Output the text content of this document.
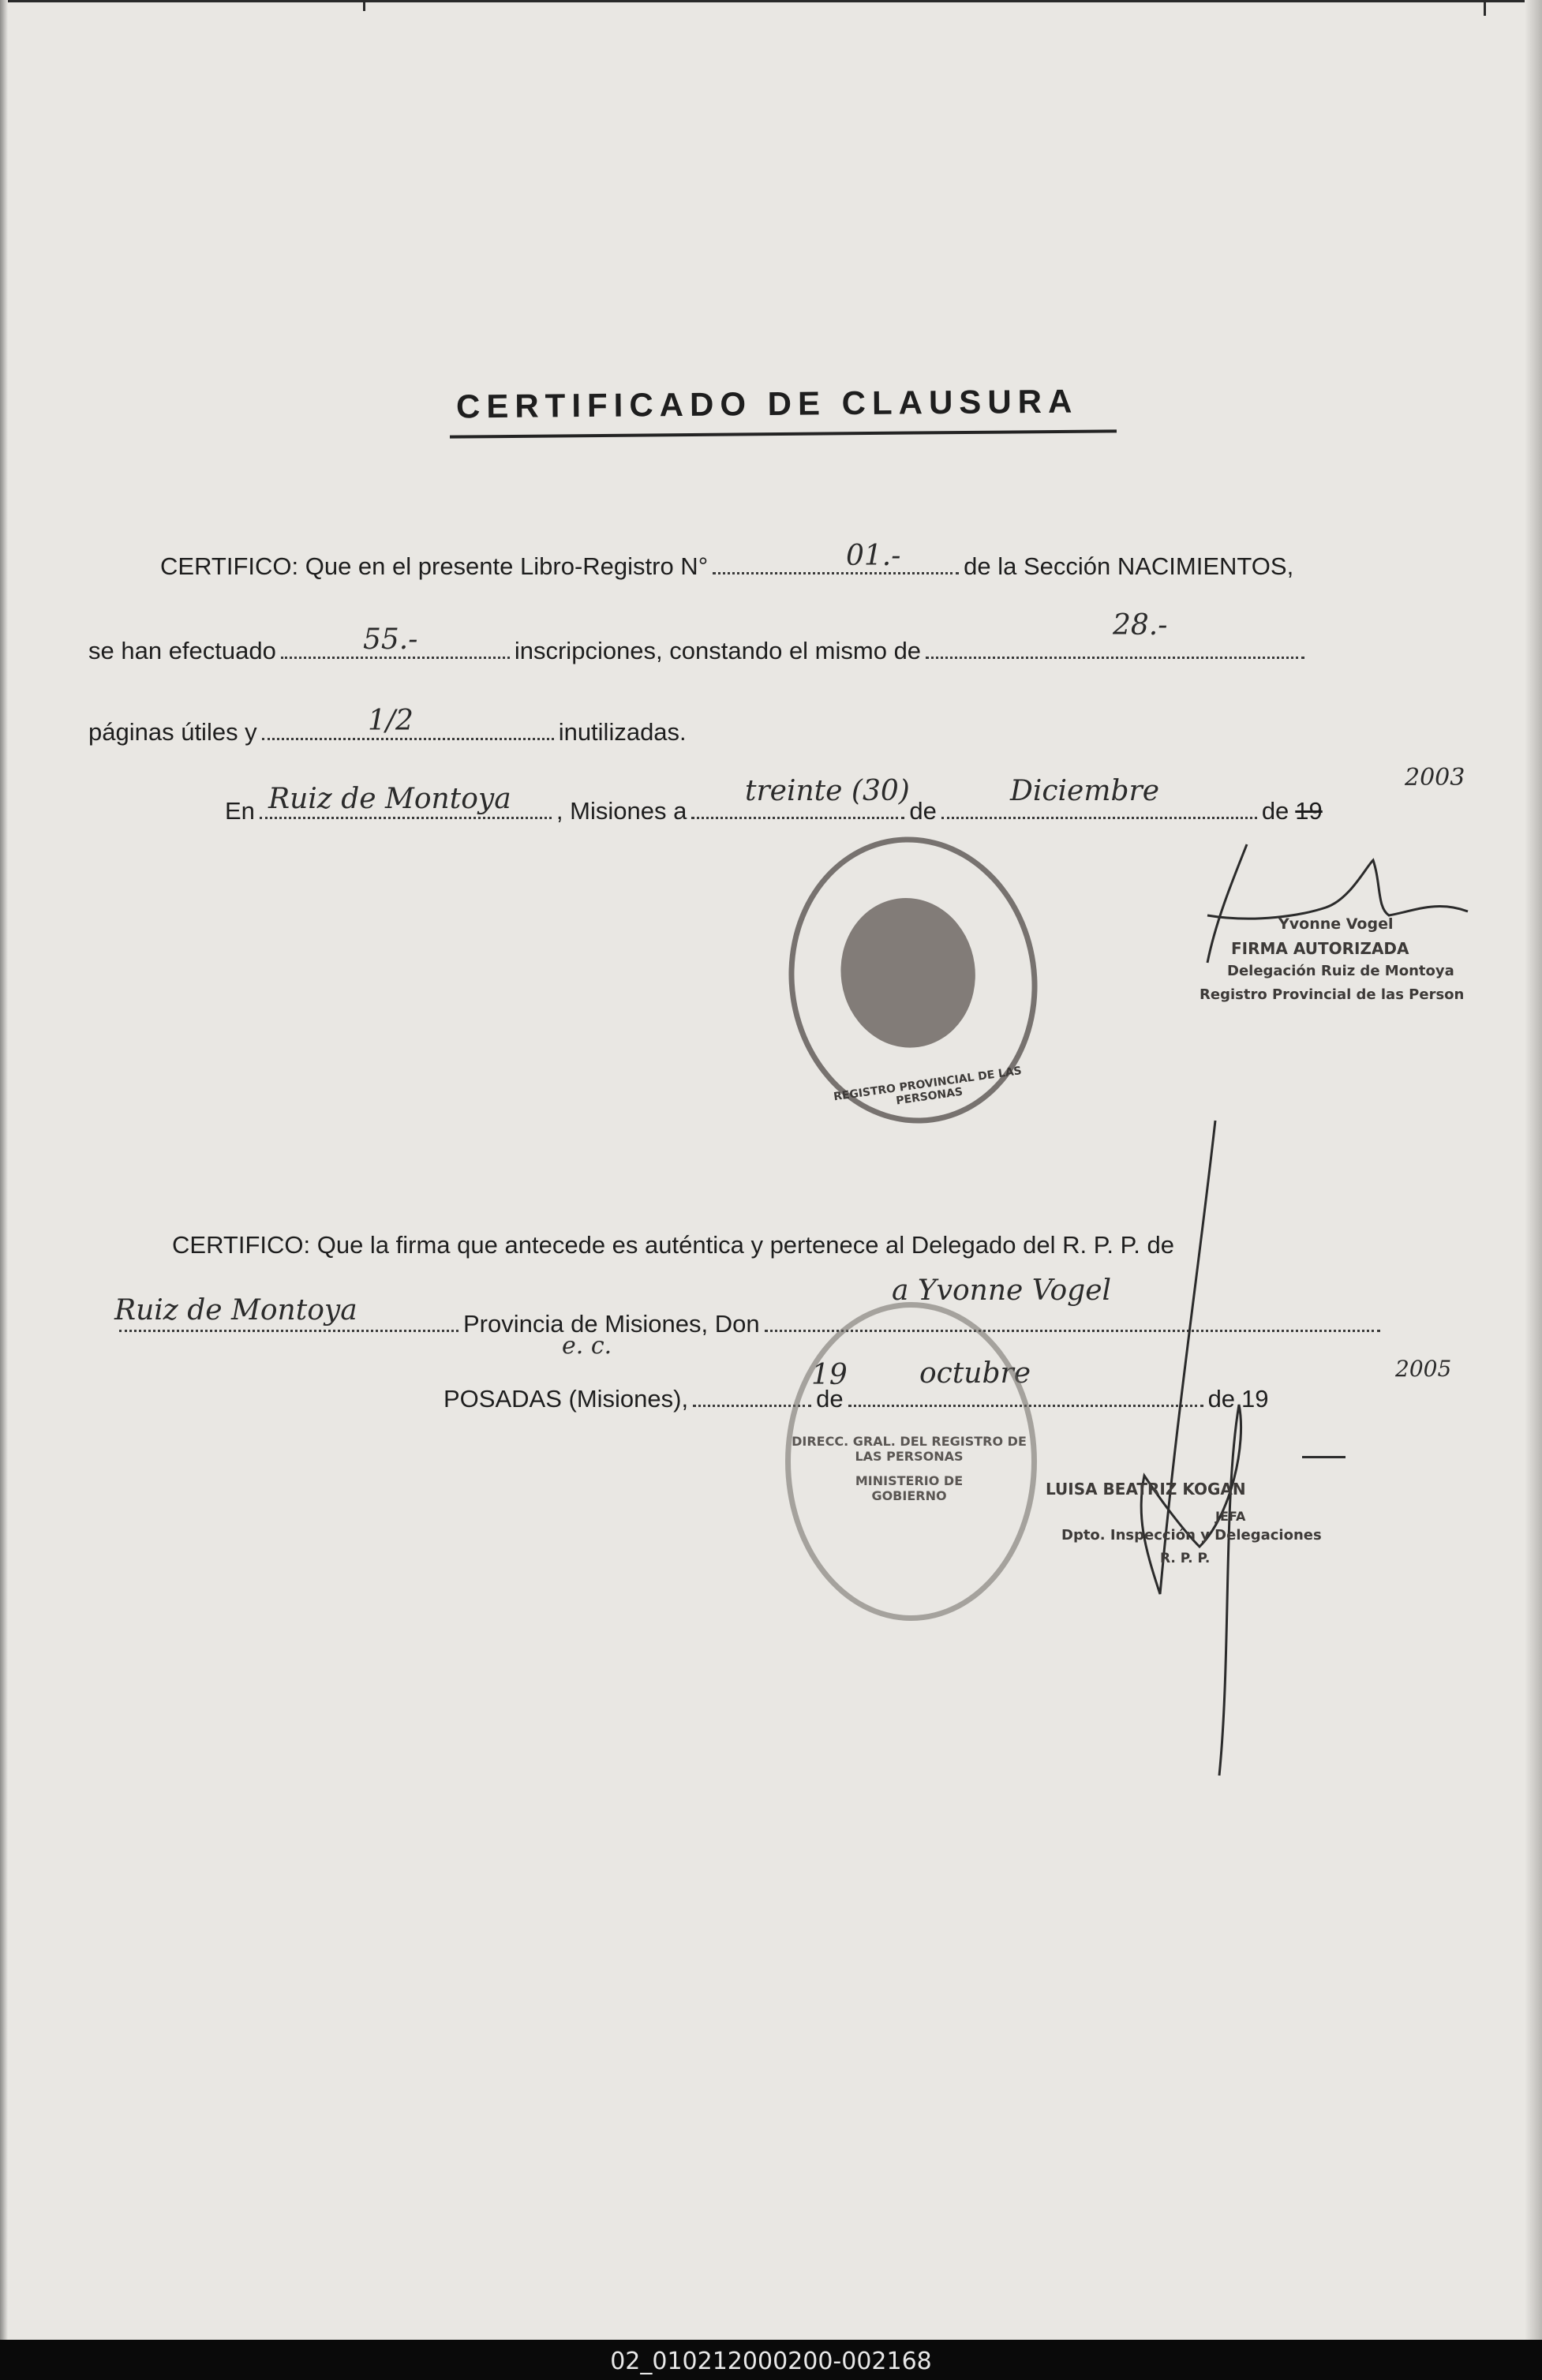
CERTIFICADO DE CLAUSURA
CERTIFICO: Que en el presente Libro-Registro N°	de la Sección NACIMIENTOS,
01.-
se han efectuado	inscripciones, constando el mismo de
55.-	28.-
páginas útiles y	inutilizadas.
1/2
En	, Misiones a	de	de 19
Ruiz de Montoya	treinte (30)	Diciembre	2003
REGISTRO PROVINCIAL DE LAS PERSONAS
Yvonne Vogel
FIRMA AUTORIZADA
Delegación Ruiz de Montoya
Registro Provincial de las Person
CERTIFICO: Que la firma que antecede es auténtica y pertenece al Delegado del R. P. P. de
Provincia de Misiones, Don
Ruiz de Montoya
a Yvonne Vogel
e. c.
POSADAS (Misiones),	de	de 19
19	octubre	2005
DIRECC. GRAL. DEL REGISTRO DE LAS PERSONAS
MINISTERIO DE GOBIERNO	LUISA BEATRIZ KOGAN
JEFA
Dpto. Inspección y Delegaciones
R. P. P.
02_010212000200-002168
